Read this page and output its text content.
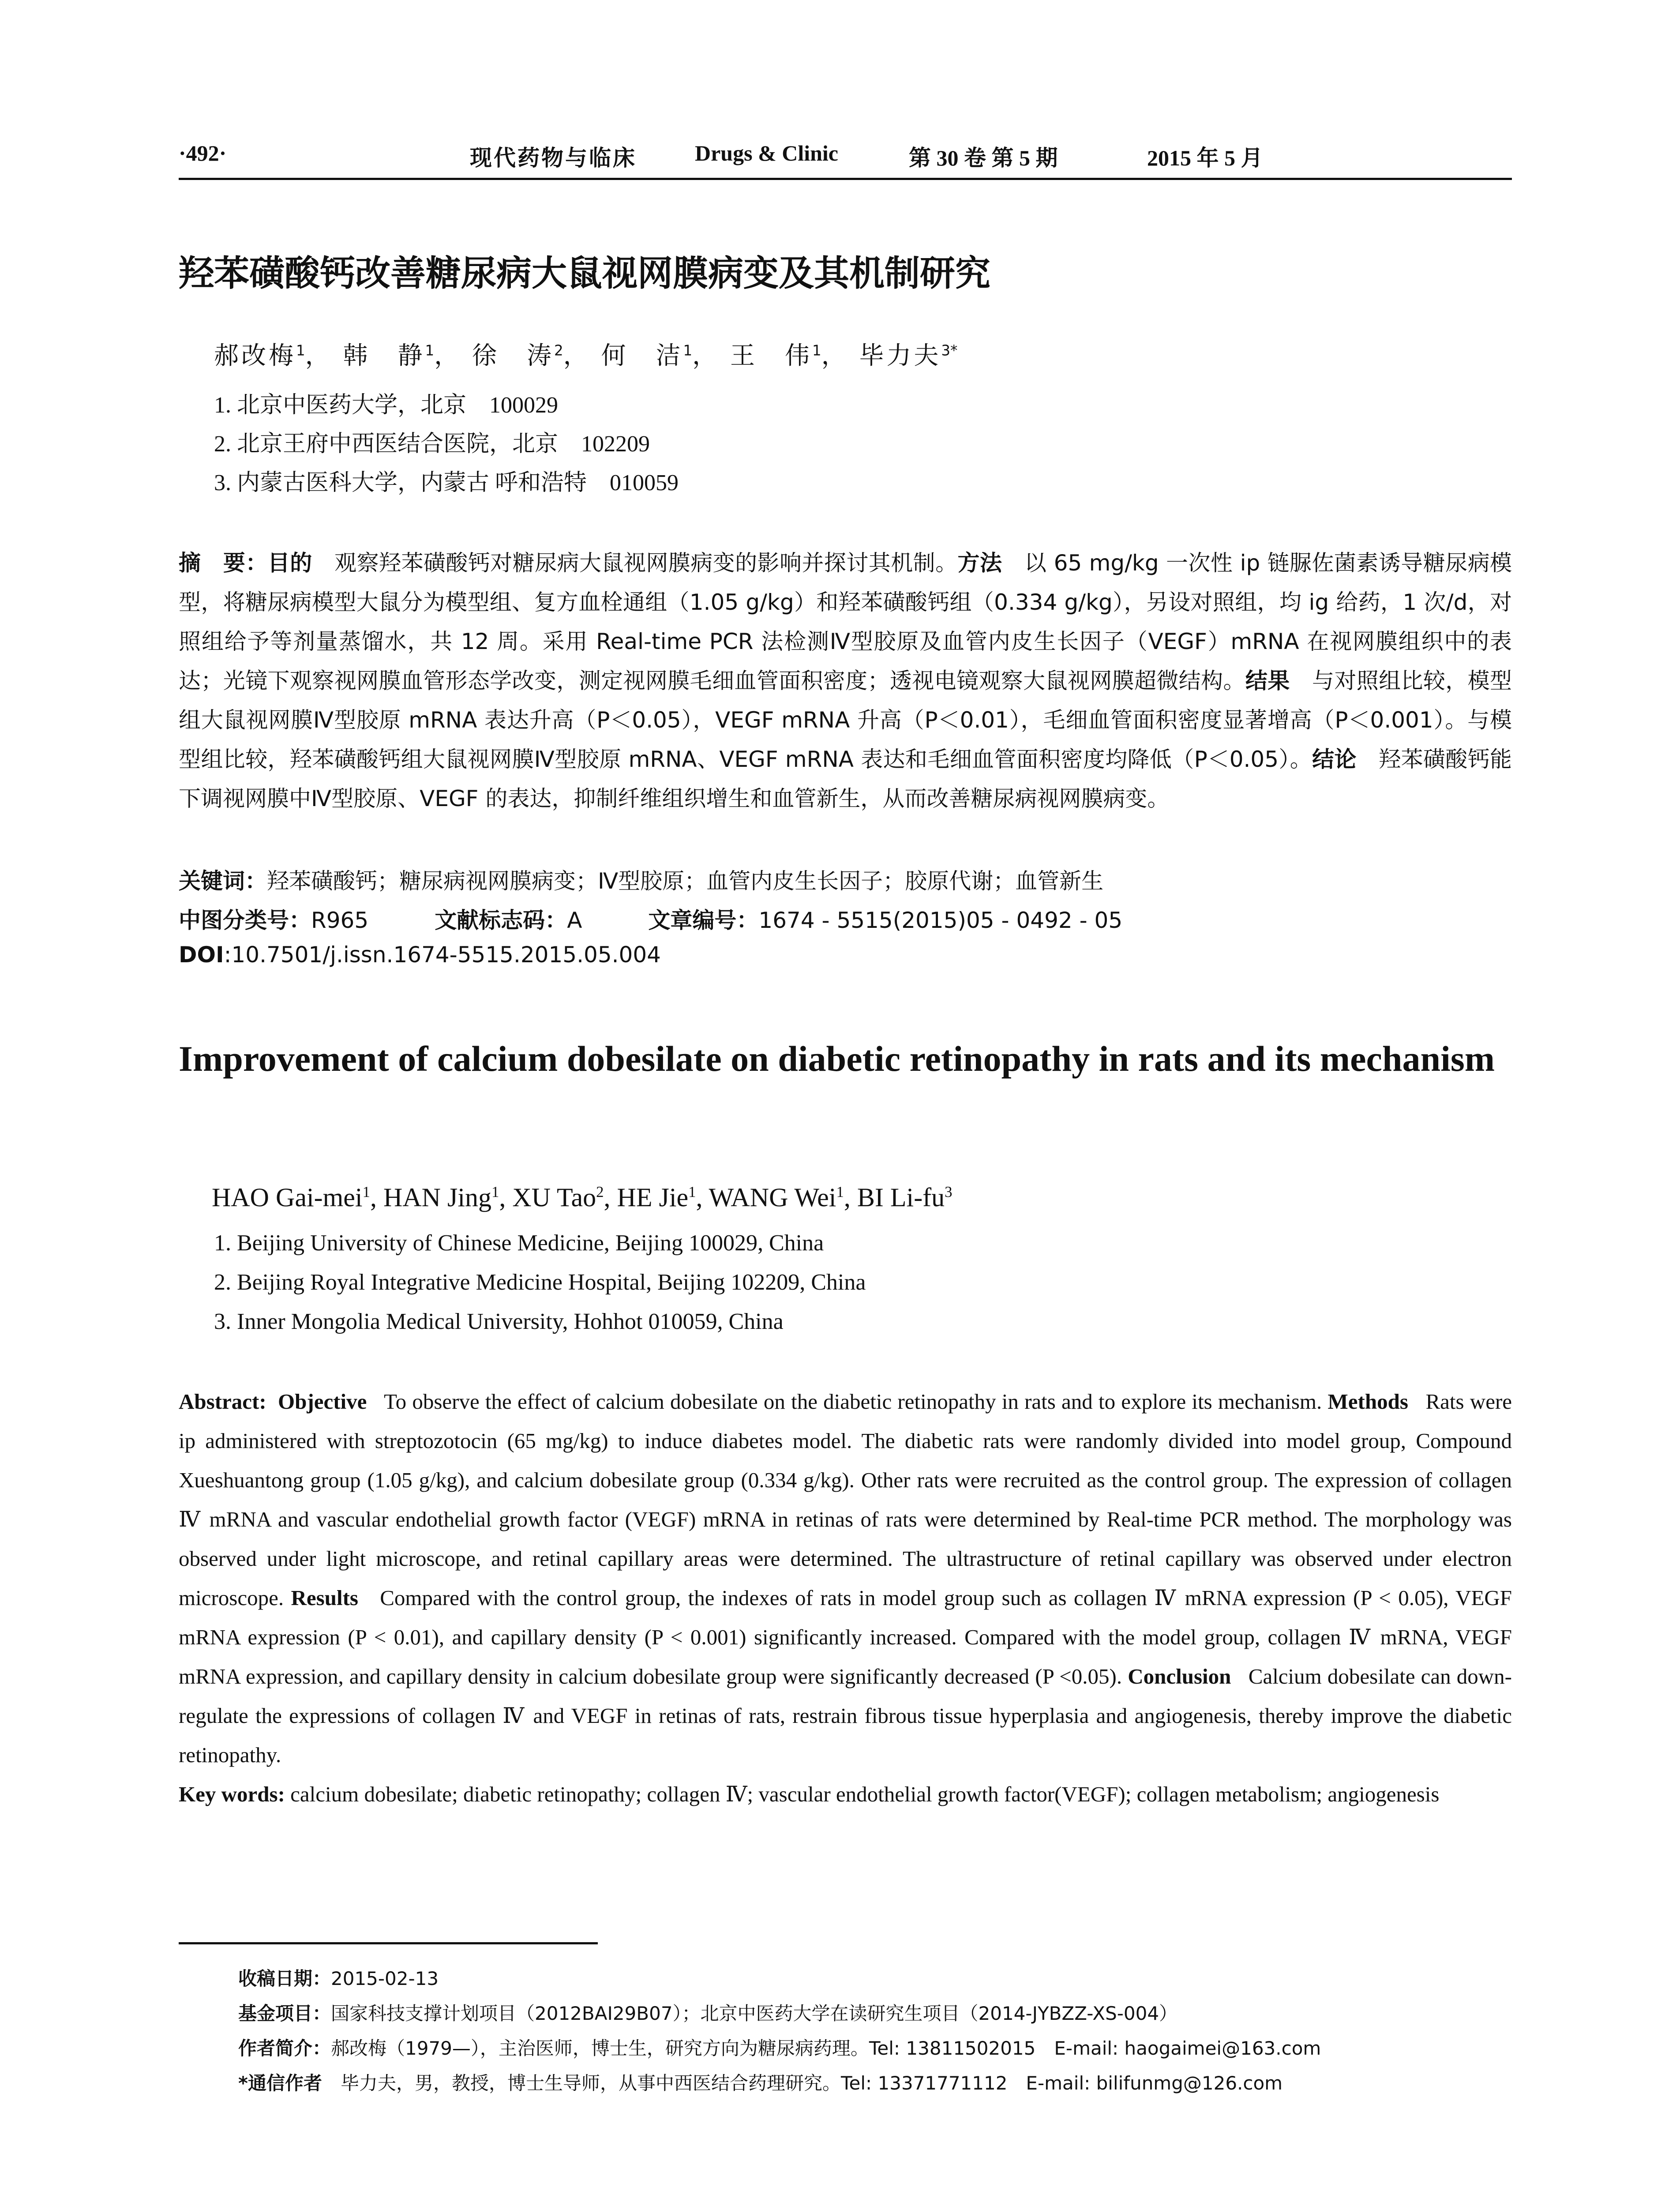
·492·	现代药物与临床	Drugs & Clinic	第 30 卷 第 5 期	2015 年 5 月
羟苯磺酸钙改善糖尿病大鼠视网膜病变及其机制研究
郝改梅$^1$， 韩　静$^1$， 徐　涛$^2$， 何　洁$^1$， 王　伟$^1$， 毕力夫$^{3*}$
1. 北京中医药大学，北京　100029
2. 北京王府中西医结合医院，北京　102209
3. 内蒙古医科大学，内蒙古 呼和浩特　010059
摘　要：目的　 观察羟苯磺酸钙对糖尿病大鼠视网膜病变的影响并探讨其机制。方法　 以 65 mg/kg 一次性 ip 链脲佐菌素诱导糖尿病模型，将糖尿病模型大鼠分为模型组、复方血栓通组（1.05 g/kg）和羟苯磺酸钙组（0.334 g/kg），另设对照组，均 ig 给药，1 次/d，对照组给予等剂量蒸馏水，共 12 周。采用 Real-time PCR 法检测Ⅳ型胶原及血管内皮生长因子（VEGF）mRNA 在视网膜组织中的表达；光镜下观察视网膜血管形态学改变，测定视网膜毛细血管面积密度；透视电镜观察大鼠视网膜超微结构。结果　 与对照组比较，模型组大鼠视网膜Ⅳ型胶原 mRNA 表达升高（P＜0.05），VEGF mRNA 升高（P＜0.01），毛细血管面积密度显著增高（P＜0.001）。与模型组比较，羟苯磺酸钙组大鼠视网膜Ⅳ型胶原 mRNA、VEGF mRNA 表达和毛细血管面积密度均降低（P＜0.05）。结论　 羟苯磺酸钙能下调视网膜中Ⅳ型胶原、VEGF 的表达，抑制纤维组织增生和血管新生，从而改善糖尿病视网膜病变。
关键词：羟苯磺酸钙；糖尿病视网膜病变；Ⅳ型胶原；血管内皮生长因子；胶原代谢；血管新生
中图分类号：R965	文献标志码：A	文章编号：1674 - 5515(2015)05 - 0492 - 05
DOI:10.7501/j.issn.1674-5515.2015.05.004
Improvement of calcium dobesilate on diabetic retinopathy in rats and its mechanism
HAO Gai-mei$^1$, HAN Jing$^1$, XU Tao$^2$, HE Jie$^1$, WANG Wei$^1$, BI $Li-fu^3$
1. Beijing University of Chinese Medicine, Beijing 100029, China
2. Beijing Royal Integrative Medicine Hospital, Beijing 102209, China
3. Inner Mongolia Medical University, Hohhot 010059, China
Abstract: Objective To observe the effect of calcium dobesilate on the diabetic retinopathy in rats and to explore its mechanism. Methods Rats were ip administered with streptozotocin (65 mg/kg) to induce diabetes model. The diabetic rats were randomly divided into model group, Compound Xueshuantong group (1.05 g/kg), and calcium dobesilate group (0.334 g/kg). Other rats were recruited as the control group. The expression of collagen Ⅳ mRNA and vascular endothelial growth factor (VEGF) mRNA in retinas of rats were determined by Real-time PCR method. The morphology was observed under light microscope, and retinal capillary areas were determined. The ultrastructure of retinal capillary was observed under electron microscope. Results Compared with the control group, the indexes of rats in model group such as collagen Ⅳ mRNA expression (P < 0.05), VEGF mRNA expression (P < 0.01), and capillary density (P < 0.001) significantly increased. Compared with the model group, collagen Ⅳ mRNA, VEGF mRNA expression, and capillary density in calcium dobesilate group were significantly decreased (P <0.05). Conclusion Calcium dobesilate can down-regulate the expressions of collagen Ⅳ and VEGF in retinas of rats, restrain fibrous tissue hyperplasia and angiogenesis, thereby improve the diabetic retinopathy.
Key words: calcium dobesilate; diabetic retinopathy; collagen Ⅳ; vascular endothelial growth factor(VEGF); collagen metabolism; angiogenesis
收稿日期：2015-02-13
基金项目：国家科技支撑计划项目（2012BAI29B07）；北京中医药大学在读研究生项目（2014-JYBZZ-XS-004）
作者简介：郝改梅（1979—），主治医师，博士生，研究方向为糖尿病药理。Tel: 13811502015　E-mail: haogaimei@163.com
*通信作者　毕力夫，男，教授，博士生导师，从事中西医结合药理研究。Tel: 13371771112　E-mail: bilifunmg@126.com
